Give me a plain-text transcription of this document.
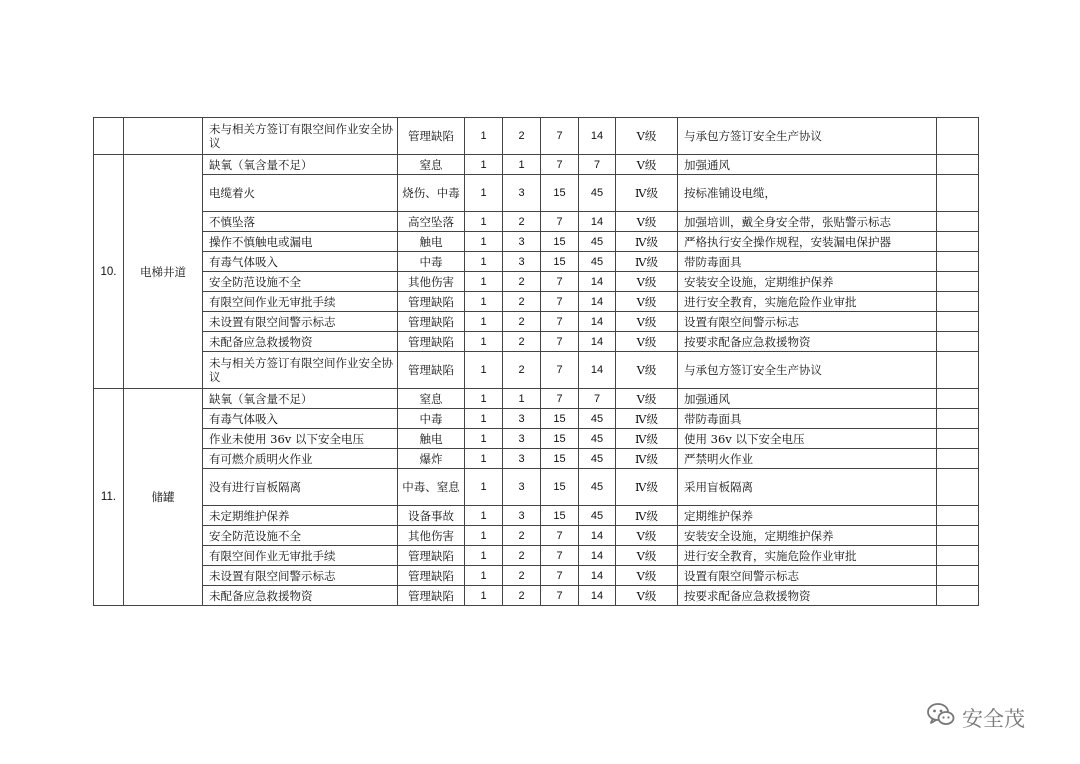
		未与相关方签订有限空间作业安全协议	管理缺陷	1	2	7	14	Ⅴ级	与承包方签订安全生产协议	
10.	电梯井道	缺氧（氧含量不足）	窒息	1	1	7	7	Ⅴ级	加强通风	
		电缆着火	烧伤、中毒	1	3	15	45	Ⅳ级	按标准铺设电缆，	
		不慎坠落	高空坠落	1	2	7	14	Ⅴ级	加强培训，戴全身安全带，张贴警示标志	
		操作不慎触电或漏电	触电	1	3	15	45	Ⅳ级	严格执行安全操作规程，安装漏电保护器	
		有毒气体吸入	中毒	1	3	15	45	Ⅳ级	带防毒面具	
		安全防范设施不全	其他伤害	1	2	7	14	Ⅴ级	安装安全设施，定期维护保养	
		有限空间作业无审批手续	管理缺陷	1	2	7	14	Ⅴ级	进行安全教育，实施危险作业审批	
		未设置有限空间警示标志	管理缺陷	1	2	7	14	Ⅴ级	设置有限空间警示标志	
		未配备应急救援物资	管理缺陷	1	2	7	14	Ⅴ级	按要求配备应急救援物资	
		未与相关方签订有限空间作业安全协议	管理缺陷	1	2	7	14	Ⅴ级	与承包方签订安全生产协议	
11.	储罐	缺氧（氧含量不足）	窒息	1	1	7	7	Ⅴ级	加强通风	
		有毒气体吸入	中毒	1	3	15	45	Ⅳ级	带防毒面具	
		作业未使用 36v 以下安全电压	触电	1	3	15	45	Ⅳ级	使用 36v 以下安全电压	
		有可燃介质明火作业	爆炸	1	3	15	45	Ⅳ级	严禁明火作业	
		没有进行盲板隔离	中毒、窒息	1	3	15	45	Ⅳ级	采用盲板隔离	
		未定期维护保养	设备事故	1	3	15	45	Ⅳ级	定期维护保养	
		安全防范设施不全	其他伤害	1	2	7	14	Ⅴ级	安装安全设施，定期维护保养	
		有限空间作业无审批手续	管理缺陷	1	2	7	14	Ⅴ级	进行安全教育，实施危险作业审批	
		未设置有限空间警示标志	管理缺陷	1	2	7	14	Ⅴ级	设置有限空间警示标志	
		未配备应急救援物资	管理缺陷	1	2	7	14	Ⅴ级	按要求配备应急救援物资	
安全茂
